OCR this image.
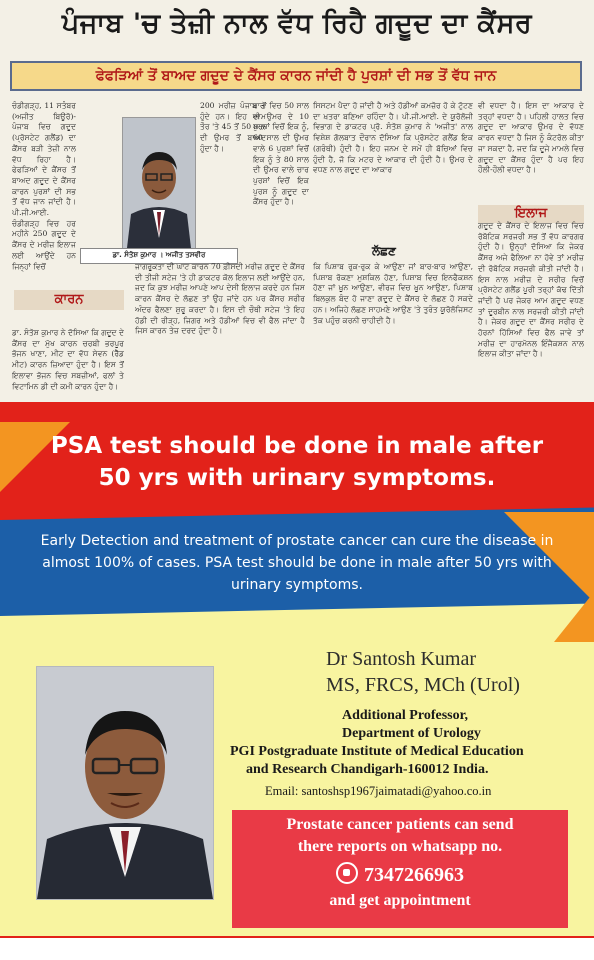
ਪੰਜਾਬ 'ਚ ਤੇਜ਼ੀ ਨਾਲ ਵੱਧ ਰਿਹੈ ਗਦੂਦ ਦਾ ਕੈਂਸਰ
ਫੇਫੜਿਆਂ ਤੋਂ ਬਾਅਦ ਗਦੂਦ ਦੇ ਕੈਂਸਰ ਕਾਰਨ ਜਾਂਦੀ ਹੈ ਪੁਰਸ਼ਾਂ ਦੀ ਸਭ ਤੋਂ ਵੱਧ ਜਾਨ
ਚੰਡੀਗੜ੍ਹ, 11 ਸਤੰਬਰ (ਅਜੀਤ ਬਿਊਰੋ)- ਪੰਜਾਬ ਵਿਚ ਗਦੂਦ (ਪ੍ਰੋਸਟੇਟ ਗਲੈਂਡ) ਦਾ ਕੈਂਸਰ ਬੜੀ ਤੇਜ਼ੀ ਨਾਲ ਵੱਧ ਰਿਹਾ ਹੈ। ਫੇਫੜਿਆਂ ਦੇ ਕੈਂਸਰ ਤੋਂ ਬਾਅਦ ਗਦੂਦ ਦੇ ਕੈਂਸਰ ਕਾਰਨ ਪੁਰਸ਼ਾਂ ਦੀ ਸਭ ਤੋਂ ਵੱਧ ਜਾਨ ਜਾਂਦੀ ਹੈ। ਪੀ.ਜੀ.ਆਈ. ਚੰਡੀਗੜ੍ਹ ਵਿਚ ਹਰ ਮਹੀਨੇ 250 ਗਦੂਦ ਦੇ ਕੈਂਸਰ ਦੇ ਮਰੀਜ਼ ਇਲਾਜ ਲਈ ਆਉਂਦੇ ਹਨ ਜਿਨ੍ਹਾਂ ਵਿਚੋਂ
ਡਾ. ਸੰਤੋਸ਼ ਕੁਮਾਰ । ਅਜੀਤ ਤਸਵੀਰ
200 ਮਰੀਜ਼ ਪੰਜਾਬ ਤੋਂ ਹੁੰਦੇ ਹਨ। ਇਹ ਆਮ ਤੌਰ 'ਤੇ 45 ਤੋਂ 50 ਸਾਲ ਦੀ ਉਮਰ ਤੋਂ ਬਾਅਦ ਹੁੰਦਾ ਹੈ।
ਬਾਰਾ ਵਿਚ 50 ਸਾਲ ਦੀ ਉਮਰ ਦੇ 10 ਪੁਰਸ਼ਾਂ ਵਿਚੋਂ ਇਕ ਨੂੰ, 60 ਸਾਲ ਦੀ ਉਮਰ ਵਾਲੇ 6 ਪੁਰਸ਼ਾਂ ਵਿਚੋਂ ਇਕ ਨੂੰ ਤੇ 80 ਸਾਲ ਦੀ ਉਮਰ ਵਾਲੇ ਚਾਰ ਪੁਰਸ਼ਾਂ ਵਿਚੋਂ ਇਕ ਪੁਰਸ਼ ਨੂੰ ਗਦੂਦ ਦਾ ਕੈਂਸਰ ਹੁੰਦਾ ਹੈ।
ਜਾਗਰੂਕਤਾ ਦੀ ਘਾਟ ਕਾਰਨ 70 ਫ਼ੀਸਦੀ ਮਰੀਜ਼ ਗਦੂਦ ਦੇ ਕੈਂਸਰ ਦੀ ਤੀਜੀ ਸਟੇਜ 'ਤੇ ਹੀ ਡਾਕਟਰ ਕੋਲ ਇਲਾਜ ਲਈ ਆਉਂਦੇ ਹਨ, ਜਦ ਕਿ ਕੁਝ ਮਰੀਜ਼ ਆਪਣੇ ਆਪ ਦੇਸੀ ਇਲਾਜ ਕਰਦੇ ਹਨ ਜਿਸ ਕਾਰਨ ਕੈਂਸਰ ਦੇ ਲੱਛਣ ਤਾਂ ਉਹ ਜਾਂਦੇ ਹਨ ਪਰ ਕੈਂਸਰ ਸਰੀਰ ਅੰਦਰ ਫੈਲਣਾ ਸ਼ੁਰੂ ਕਰਦਾ ਹੈ। ਇਸ ਦੀ ਚੌਥੀ ਸਟੇਜ 'ਤੇ ਇਹ ਹੱਡੀ ਦੀ ਰੀੜ੍ਹ, ਜਿਗਰ ਅਤੇ ਹੱਡੀਆਂ ਵਿਚ ਵੀ ਫੈਲ ਜਾਂਦਾ ਹੈ ਜਿਸ ਕਾਰਨ ਤੇਜ਼ ਦਰਦ ਹੁੰਦਾ ਹੈ।
ਸਿਸਟਮ ਪੈਦਾ ਹੋ ਜਾਂਦੀ ਹੈ ਅਤੇ ਹੱਡੀਆਂ ਕਮਜ਼ੋਰ ਹੋ ਕੇ ਟੁੱਟਣ ਦਾ ਖ਼ਤਰਾ ਬਣਿਆ ਰਹਿੰਦਾ ਹੈ। ਪੀ.ਜੀ.ਆਈ. ਦੇ ਯੂਰੋਲੋਜੀ ਵਿਭਾਗ ਦੇ ਡਾਕਟਰ ਪ੍ਰੋ. ਸੰਤੋਸ਼ ਕੁਮਾਰ ਨੇ 'ਅਜੀਤ' ਨਾਲ ਵਿਸ਼ੇਸ਼ ਗੱਲਬਾਤ ਦੌਰਾਨ ਦੱਸਿਆ ਕਿ ਪ੍ਰੋਸਟੇਟ ਗਲੈਂਡ ਇਕ (ਗਰੰਥੀ) ਹੁੰਦੀ ਹੈ। ਇਹ ਜਨਮ ਦੇ ਸਮੇਂ ਹੀ ਬੱਚਿਆਂ ਵਿਚ ਹੁੰਦੀ ਹੈ, ਜੋ ਕਿ ਮਟਰ ਦੇ ਆਕਾਰ ਦੀ ਹੁੰਦੀ ਹੈ। ਉਮਰ ਦੇ ਵਧਣ ਨਾਲ ਗਦੂਦ ਦਾ ਆਕਾਰ
ਲੱਛਣ
ਕਿ ਪਿਸ਼ਾਬ ਰੁਕ-ਰੁਕ ਕੇ ਆਉਣਾ ਜਾਂ ਬਾਰ-ਬਾਰ ਆਉਣਾ, ਪਿਸ਼ਾਬ ਰੋਕਣਾ ਮੁਸ਼ਕਿਲ ਹੋਣਾ, ਪਿਸ਼ਾਬ ਵਿਚ ਇਨਫੈਕਸ਼ਨ ਹੋਣਾ ਜਾਂ ਖ਼ੂਨ ਆਉਣਾ, ਵੀਰਜ ਵਿਚ ਖ਼ੂਨ ਆਉਣਾ, ਪਿਸ਼ਾਬ ਬਿਲਕੁਲ ਬੰਦ ਹੋ ਜਾਣਾ ਗਦੂਦ ਦੇ ਕੈਂਸਰ ਦੇ ਲੱਛਣ ਹੋ ਸਕਦੇ ਹਨ। ਅਜਿਹੇ ਲੱਛਣ ਸਾਹਮਣੇ ਆਉਣ 'ਤੇ ਤੁਰੰਤ ਯੂਰੋਲੋਜਿਸਟ ਤੱਕ ਪਹੁੰਚ ਕਰਨੀ ਚਾਹੀਦੀ ਹੈ।
ਵੀ ਵਧਦਾ ਹੈ। ਇਸ ਦਾ ਆਕਾਰ ਦੇ ਤਰ੍ਹਾਂ ਵਧਦਾ ਹੈ। ਪਹਿਲੀ ਹਾਲਤ ਵਿਚ ਗਦੂਦ ਦਾ ਆਕਾਰ ਉਮਰ ਦੇ ਵੱਧਣ ਕਾਰਨ ਵਧਦਾ ਹੈ ਜਿਸ ਨੂੰ ਕੰਟਰੋਲ ਕੀਤਾ ਜਾ ਸਕਦਾ ਹੈ, ਜਦ ਕਿ ਦੂਜੇ ਮਾਮਲੇ ਵਿਚ ਗਦੂਦ ਦਾ ਕੈਂਸਰ ਹੁੰਦਾ ਹੈ ਪਰ ਇਹ ਹੌਲੀ-ਹੌਲੀ ਵਧਦਾ ਹੈ।
ਇਲਾਜ
ਗਦੂਦ ਦੇ ਕੈਂਸਰ ਦੇ ਇਲਾਜ ਵਿਚ ਵਿਚ ਰੋਬੋਟਿਕ ਸਰਜਰੀ ਸਭ ਤੋਂ ਵੱਧ ਕਾਰਗਰ ਹੁੰਦੀ ਹੈ। ਉਨ੍ਹਾਂ ਦੱਸਿਆ ਕਿ ਜੇਕਰ ਕੈਂਸਰ ਅਜੇ ਫੈਲਿਆ ਨਾ ਹੋਵੇ ਤਾਂ ਮਰੀਜ਼ ਦੀ ਰੋਬੋਟਿਕ ਸਰਜਰੀ ਕੀਤੀ ਜਾਂਦੀ ਹੈ। ਇਸ ਨਾਲ ਮਰੀਜ਼ ਦੇ ਸਰੀਰ ਵਿਚੋਂ ਪ੍ਰੋਸਟੇਟ ਗਲੈਂਡ ਪੂਰੀ ਤਰ੍ਹਾਂ ਕੱਢ ਦਿੱਤੀ ਜਾਂਦੀ ਹੈ ਪਰ ਜੇਕਰ ਆਮ ਗਦੂਦ ਵਧਣ ਤਾਂ ਦੂਰਬੀਨ ਨਾਲ ਸਰਜਰੀ ਕੀਤੀ ਜਾਂਦੀ ਹੈ। ਜੇਕਰ ਗਦੂਦ ਦਾ ਕੈਂਸਰ ਸਰੀਰ ਦੇ ਹੋਰਨਾਂ ਹਿੱਸਿਆਂ ਵਿਚ ਫੈਲ ਜਾਵੇ ਤਾਂ ਮਰੀਜ਼ ਦਾ ਹਾਰਮੋਨਲ ਇੰਜੈਕਸ਼ਨ ਨਾਲ ਇਲਾਜ ਕੀਤਾ ਜਾਂਦਾ ਹੈ।
ਕਾਰਨ
ਡਾ. ਸੰਤੋਸ਼ ਕੁਮਾਰ ਨੇ ਦੱਸਿਆ ਕਿ ਗਦੂਦ ਦੇ ਕੈਂਸਰ ਦਾ ਮੁੱਖ ਕਾਰਨ ਚਰਬੀ ਭਰਪੂਰ ਭੋਜਨ ਖਾਣਾ, ਮੀਟ ਦਾ ਵੱਧ ਸੇਵਨ (ਰੈੱਡ ਮੀਟ) ਕਾਰਨ ਜ਼ਿਆਦਾ ਹੁੰਦਾ ਹੈ। ਇਸ ਤੋਂ ਇਲਾਵਾ ਭੋਜਨ ਵਿਚ ਸਬਜ਼ੀਆਂ, ਫਲਾਂ ਤੇ ਵਿਟਾਮਿਨ ਡੀ ਦੀ ਕਮੀ ਕਾਰਨ ਹੁੰਦਾ ਹੈ।
PSA test should be done in male after 50 yrs with urinary symptoms.
Early Detection and treatment of prostate cancer can cure the disease in almost 100% of cases. PSA test should be done in male after 50 yrs with urinary symptoms.
Dr Santosh Kumar
MS, FRCS, MCh (Urol)
Additional Professor,
Department of Urology
PGI Postgraduate Institute of Medical Education
and Research Chandigarh-160012 India.
Email: santoshsp1967jaimatadi@yahoo.co.in
Prostate cancer patients can send
there reports on whatsapp no.
7347266963
and get appointment
